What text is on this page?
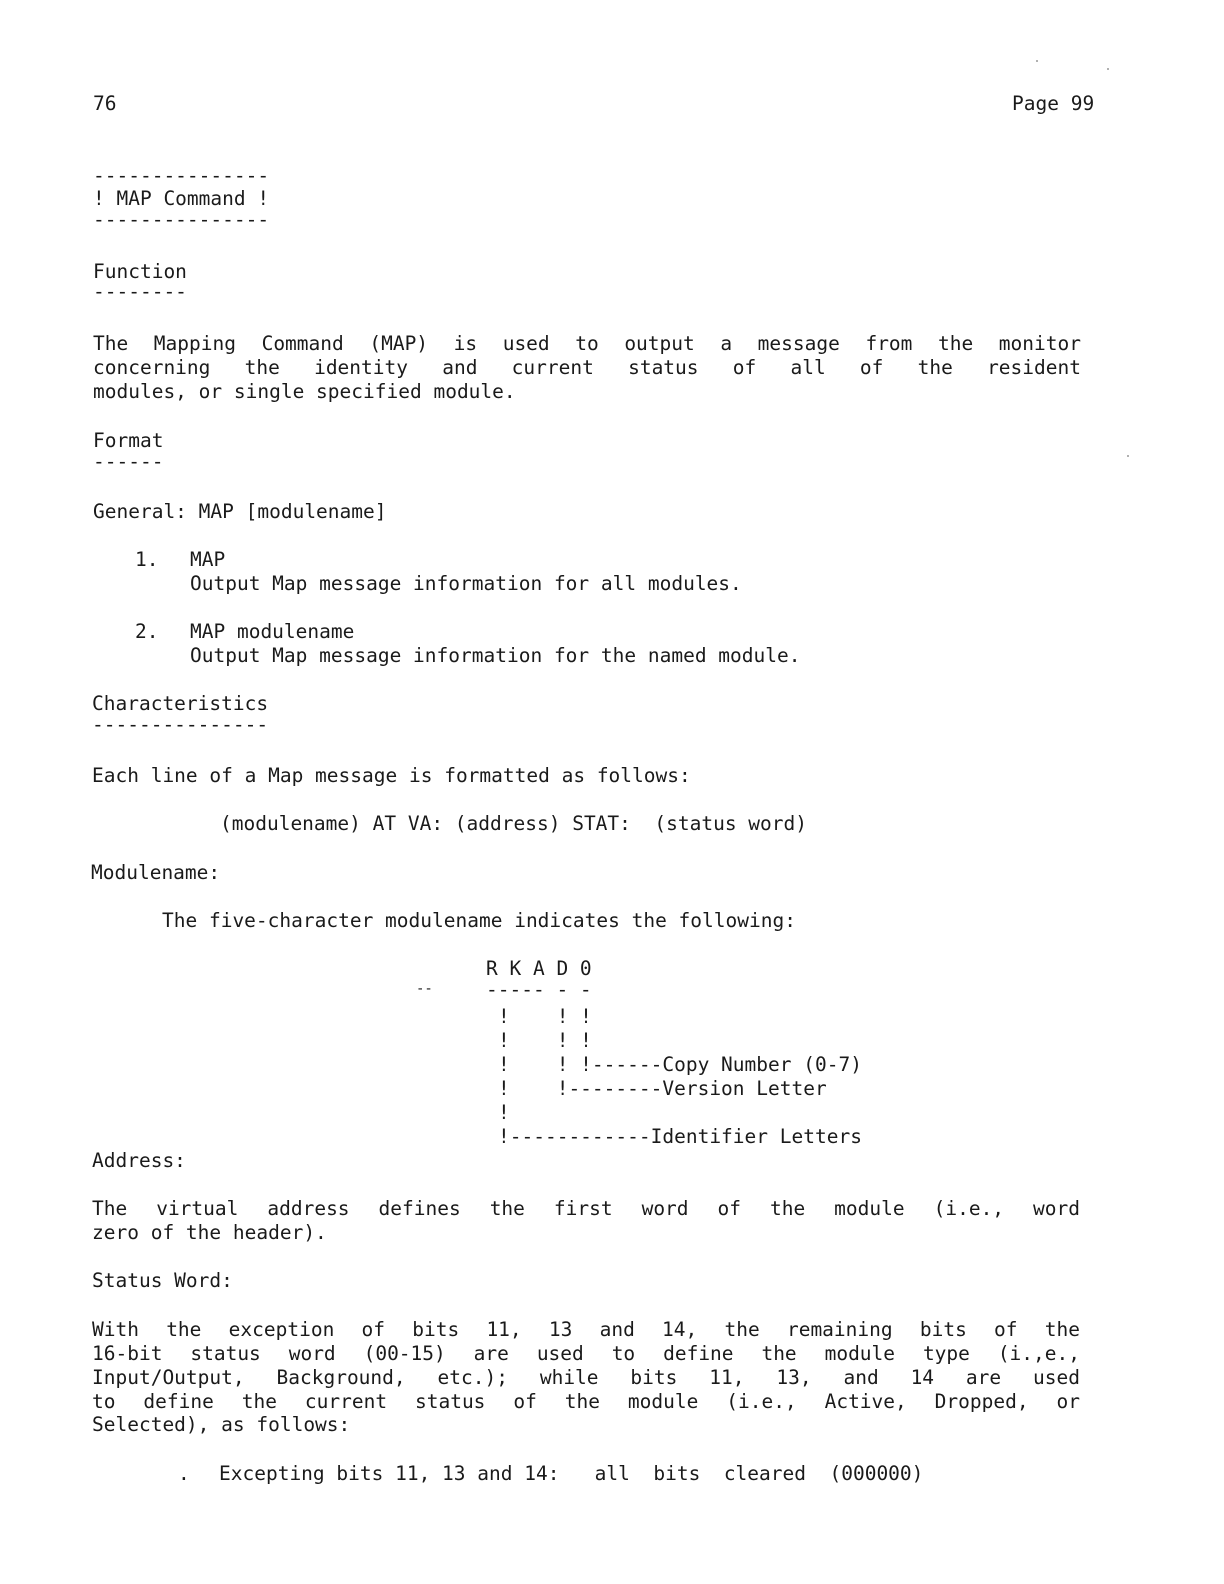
76	Page 99
---------------
! MAP Command !
---------------
Function
--------
The Mapping Command (MAP) is used to output a message from the monitor
concerning the identity and current status of all of the resident
modules, or single specified module.
Format
------
General: MAP [modulename]
1. MAP
Output Map message information for all modules.
2. MAP modulename
Output Map message information for the named module.
Characteristics
---------------
Each line of a Map message is formatted as follows:
(modulename) AT VA: (address) STAT:  (status word)
Modulename:
The five-character modulename indicates the following:
R K A D 0
--	----- - -
!    ! !
!    ! !
!    ! !------Copy Number (0-7)
!    !--------Version Letter
!
!------------Identifier Letters
Address:
The virtual address defines the first word of the module (i.e., word
zero of the header).
Status Word:
With the exception of bits 11, 13 and 14, the remaining bits of the
16-bit status word (00-15) are used to define the module type (i.,e.,
Input/Output, Background, etc.); while bits 11, 13, and 14 are used
to define the current status of the module (i.e., Active, Dropped, or
Selected), as follows:
. Excepting bits 11, 13 and 14:   all  bits  cleared  (000000)
